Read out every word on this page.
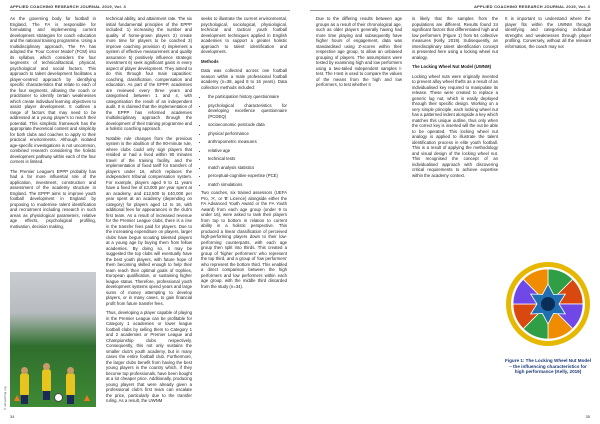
APPLIED COACHING RESEARCH JOURNAL 2019, Vol. 3	APPLIED COACHING RESEARCH JOURNAL 2019, Vol. 3

As the governing body for football in England, The FA is responsible for formulating and implementing current development strategies for coach education and the national training programme. Using a multidisciplinary approach, The FA has adopted the 'Four Corner Model' (FCM) into its syllabus, which considers the four segments of technical/tactical, physical, psychological and social factors. This approach to talent development facilitates a player-centred approach by identifying specific characteristics that relate to each of the four segments, allowing the coach or practitioner to identify certain weaknesses which create individual learning objectives to assist player development. It outlines a range of factors that may need to be addressed at a young player's to reach their potential. This simplistic framework has the appropriate theoretical content and simplicity for both clubs and coaches to apply to their practical environments. Although isolated age-specific investigations is not uncommon, combined research considering the holistic development pathway within each of the four corners is limited.

The Premier League's EPPP probably has had a far more influential role of the application, investment, construction and assessment of the academy structure in England. The EPPP aims to improve youth football development in England by proposing to modernise talent identification and recruitment including research in such areas as physiological parameters, relative age effects, psychological profiling, motivation, decision making,

© ukcoaching.org

technical ability, and attainment rate. The six initial fundamental principles of the EPPP included: 1) increasing the number and quality of home-grown players 2) create more time for players to be coached 3) improve coaching provision 4) implement a system of effective measurement and quality assurance 5) positively influence strategic investment 6) seek significant gains in every aspect of player development. They aimed to do this through four main capacities: coaching, classification, compensation and education. As part of the EPPP, academies are reviewed every three years and categorised between 1 and 4, with categorisation the result of an independent audit. It is claimed that the implementation of the EPPP has reformed academies multidisciplinary approach through the development of their training programme and a holistic coaching approach.

Notable rule changes from the previous system is the abolition of the 90-minute rule, where clubs could only sign players that resided or had a lived within 90 minutes travel of the training facility, and the implementation of fixed tariff for transfers of players under 16, which replaces the independent tribunal compensation system. For example, players aged 9 to 11 years have a fixed fee of £3,000 per year spent at an academy, and £12,500 to £40,000 per year spent at an academy (depending on category) for players aged 12 to 16, with additional fees for appearances in the club's first team. As a result of increased revenue for the Premier League clubs, there is a rise in the transfer fees paid for players. Due to the increasing expenditure on players, larger clubs have begun scouting talented players at a young age by buying them from fellow academies. By doing so, it may be suggested the top clubs will eventually have the best youth players, with future hope of them becoming skilled enough to help their team reach their optimal goals of trophies, European qualification, or sustaining higher league status. Therefore, professional youth development systems spend years and large sums of money attempting to develop players, or in many cases, to gain financial profit from future transfer fees.

Thus, developing a player capable of playing in the Premier League can be profitable for Category 1 academies or lower league football clubs by selling them to Category 1 and 2 academies or Premier League and Championship clubs respectively. Consequently, this not only sustains the smaller club's youth academy, but in many cases the entire football club. Furthermore, the larger clubs benefit from having the best young players in the country which, if they become top professionals, have been bought at a lot cheaper price. Additionally, producing young players that were already given a professional club's first team can escalate the price, particularly due to the transfer ruling. As a result, the UWNM

seeks to illustrate the current environmental, psychological, sociological, physiological, technical and tactical youth football development techniques applied in English academies to support a greater holistic approach to talent identification and development.

Methods

Data was collected across one football season within a male professional football academy (n=38, aged 8 to 16 years). Data collection methods included:

• the participation history questionnaire
• psychological characteristics for developing excellence questionnaire (PCDEQ)
• socioeconomic postcode data
• physical performance
• anthropometric measures
• relative age
• technical tests
• match analysis statistics
• perceptual-cognitive expertise (PCE)
• match simulations

Two coaches, six trained assessors (UEFA Pro, 'A', or 'B' Licence) alongside either the FA Advanced Youth Award or the FA Youth Award) from each age group (under 9 to under 16), were asked to rank their players from top to bottom in relation to current ability in a holistic perspective. This produced a linear classification of perceived high-performing players down to their low-performing counterparts, with each age group then split into thirds. This created a group of 'higher performers' who represent the top third, and a group of 'low performers' who represent the bottom third. This enabled a direct comparison between the high performers and low performers within each age group, with the middle third discarded from the study (n=34).

Due to the differing results between age groups as a result of their chronological age, such as older players generally having had more time playing and subsequently have higher hours of engagement, data was standardised using Z-scores within their respective age group, to allow an unbiased grouping of players. The assumptions were tested by examining high and low performers using a two-tailed independent samples t-test. The t-test is used to compare the values of the means from the high and low performers, to test whether it

is likely that the samples from the populations are different. Results found 24 significant factors that differentiated high and low performers (Figure 1) from 54 collective measures (Kelly, 2019). Subsequently, an interdisciplinary talent identification concept is presented here using a locking wheel nut analogy.

The Locking Wheel Nut Model (UWNM)

Locking wheel nuts were originally invented to prevent alloy wheel thefts as a result of an individualised key required to manipulate its release. These were created to replace a generic lug nut, which is easily deployed through their specific design. Working on a very simple principle, each locking wheel nut has a patterned indent alongside a key which matches this unique outline, thus only when the correct key is inserted will the nut be able to be operated. This locking wheel nut analogy is applied to illustrate the talent identification process in elite youth football. This is a result of applying the methodology and visual design of the locking wheel nut. This recognised the concept of an individualised approach with discovering critical requirements to achieve expertise within the academy context.

It is important to understand where the player fits within the UWNM through identifying and categorising individual strengths and weaknesses through player profiling. Conversely, without all the relevant information, the coach may not

Figure 1: The Locking Wheel Nut Model – the influencing characteristics for high performance (Kelly, 2019)
34	35
